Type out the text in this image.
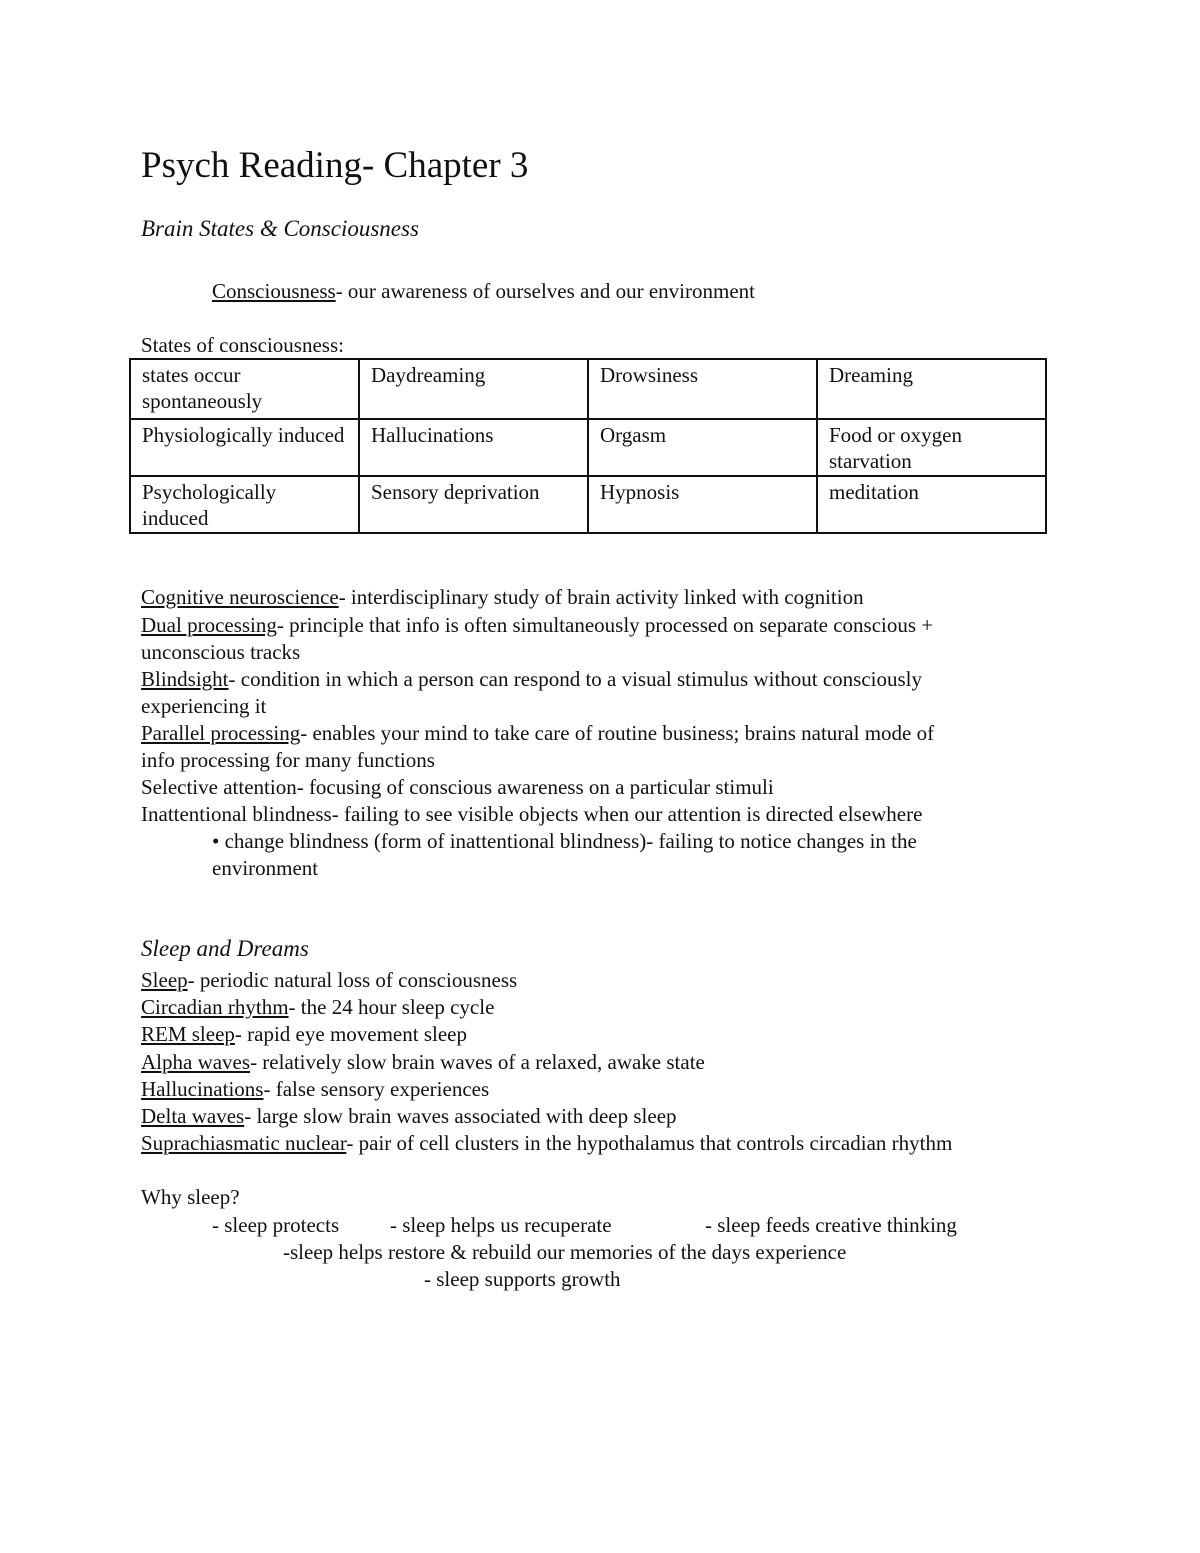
Psych Reading- Chapter 3
Brain States & Consciousness
Consciousness- our awareness of ourselves and our environment
States of consciousness:
states occur spontaneously	Daydreaming	Drowsiness	Dreaming
Physiologically induced	Hallucinations	Orgasm	Food or oxygen starvation
Psychologically induced	Sensory deprivation	Hypnosis	meditation
Cognitive neuroscience- interdisciplinary study of brain activity linked with cognition
Dual processing- principle that info is often simultaneously processed on separate conscious +
unconscious tracks
Blindsight- condition in which a person can respond to a visual stimulus without consciously
experiencing it
Parallel processing- enables your mind to take care of routine business; brains natural mode of
info processing for many functions
Selective attention- focusing of conscious awareness on a particular stimuli
Inattentional blindness- failing to see visible objects when our attention is directed elsewhere
• change blindness (form of inattentional blindness)- failing to notice changes in the
environment
Sleep and Dreams
Sleep- periodic natural loss of consciousness
Circadian rhythm- the 24 hour sleep cycle
REM sleep- rapid eye movement sleep
Alpha waves- relatively slow brain waves of a relaxed, awake state
Hallucinations- false sensory experiences
Delta waves- large slow brain waves associated with deep sleep
Suprachiasmatic nuclear- pair of cell clusters in the hypothalamus that controls circadian rhythm
Why sleep?
- sleep protects - sleep helps us recuperate	- sleep feeds creative thinking
-sleep helps restore & rebuild our memories of the days experience
- sleep supports growth
